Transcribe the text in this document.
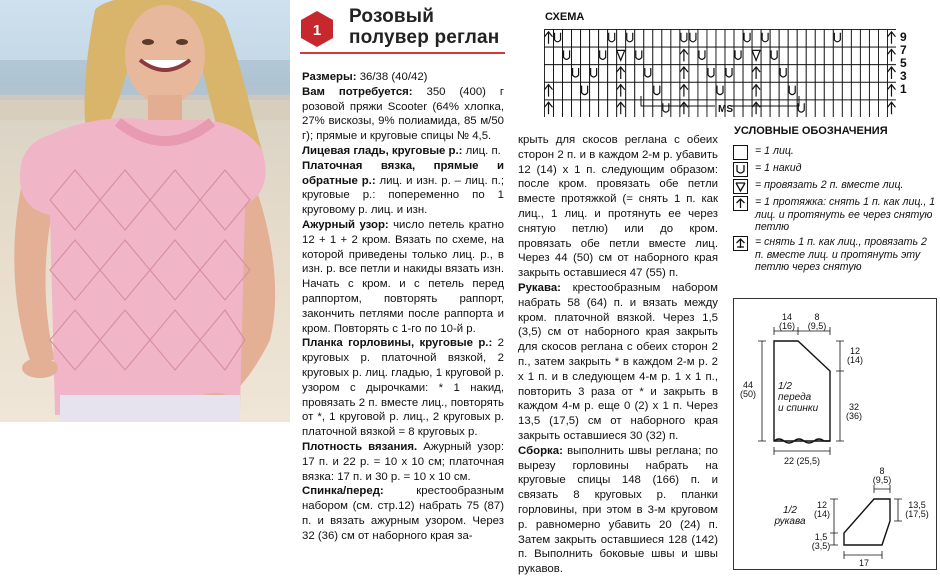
1
Розовый
полувер реглан

Размеры: 36/38 (40/42)

Вам потребуется: 350 (400) г розовой пряжи Scooter (64% хлопка, 27% вискозы, 9% полиамида, 85 м/50 г); прямые и круговые спицы № 4,5.

Лицевая гладь, круговые р.: лиц. п.

Платочная вязка, прямые и обратные р.: лиц. и изн. р. – лиц. п.; круговые р.: попеременно по 1 круговому р. лиц. и изн.

Ажурный узор: число петель кратно 12 + 1 + 2 кром. Вязать по схеме, на которой приведены только лиц. р., в изн. р. все петли и накиды вязать изн. Начать с кром. и с петель перед раппортом, повторять раппорт, закончить петлями после раппорта и кром. Повторять с 1-го по 10-й р.

Планка горловины, круговые р.: 2 круговых р. платочной вязкой, 2 круговых р. лиц. гладью, 1 круговой р. узором с дырочками: * 1 накид, провязать 2 п. вместе лиц., повторять от *, 1 круговой р. лиц., 2 круговых р. платочной вязкой = 8 круговых р.

Плотность вязания. Ажурный узор: 17 п. и 22 р. = 10 x 10 см; платочная вязка: 17 п. и 30 р. = 10 x 10 см.

Спинка/перед: крестообразным набором (см. стр.12) набрать 75 (87) п. и вязать ажурным узором. Через 32 (36) см от наборного края за-

крыть для скосов реглана с обеих сторон 2 п. и в каждом 2-м р. убавить 12 (14) x 1 п. следующим образом: после кром. провязать обе петли вместе протяжкой (= снять 1 п. как лиц., 1 лиц. и протянуть ее через снятую петлю) или до кром. провязать обе петли вместе лиц. Через 44 (50) см от наборного края закрыть оставшиеся 47 (55) п.

Рукава: крестообразным набором набрать 58 (64) п. и вязать между кром. платочной вязкой. Через 1,5 (3,5) см от наборного края закрыть для скосов реглана с обеих сторон 2 п., затем закрыть * в каждом 2-м р. 2 x 1 п. и в следующем 4-м р. 1 x 1 п., повторить 3 раза от * и закрыть в каждом 4-м р. еще 0 (2) x 1 п. Через 13,5 (17,5) см от наборного края закрыть оставшиеся 30 (32) п.

Сборка: выполнить швы реглана; по вырезу горловины набрать на круговые спицы 148 (166) п. и связать 8 круговых р. планки горловины, при этом в 3-м круговом р. равномерно убавить 20 (24) п. Затем закрыть оставшиеся 128 (142) п. Выполнить боковые швы и швы рукавов.

СХЕМА
9
7
5
3
1
MS
УСЛОВНЫЕ ОБОЗНАЧЕНИЯ
= 1 лиц.
= 1 накид
= провязать 2 п. вместе лиц.
= 1 протяжка: снять 1 п. как лиц., 1 лиц. и протянуть ее через снятую петлю
= снять 1 п. как лиц., провязать 2 п. вместе лиц. и протянуть эту петлю через снятую
14
(16)
8
(9,5)
12
(14)
44
(50)
32
(36)
22 (25,5)
1/2
переда
и спинки
8
(9,5)
13,5
(17,5)
12
(14)
1,5
(3,5)
17
1/2
рукава
